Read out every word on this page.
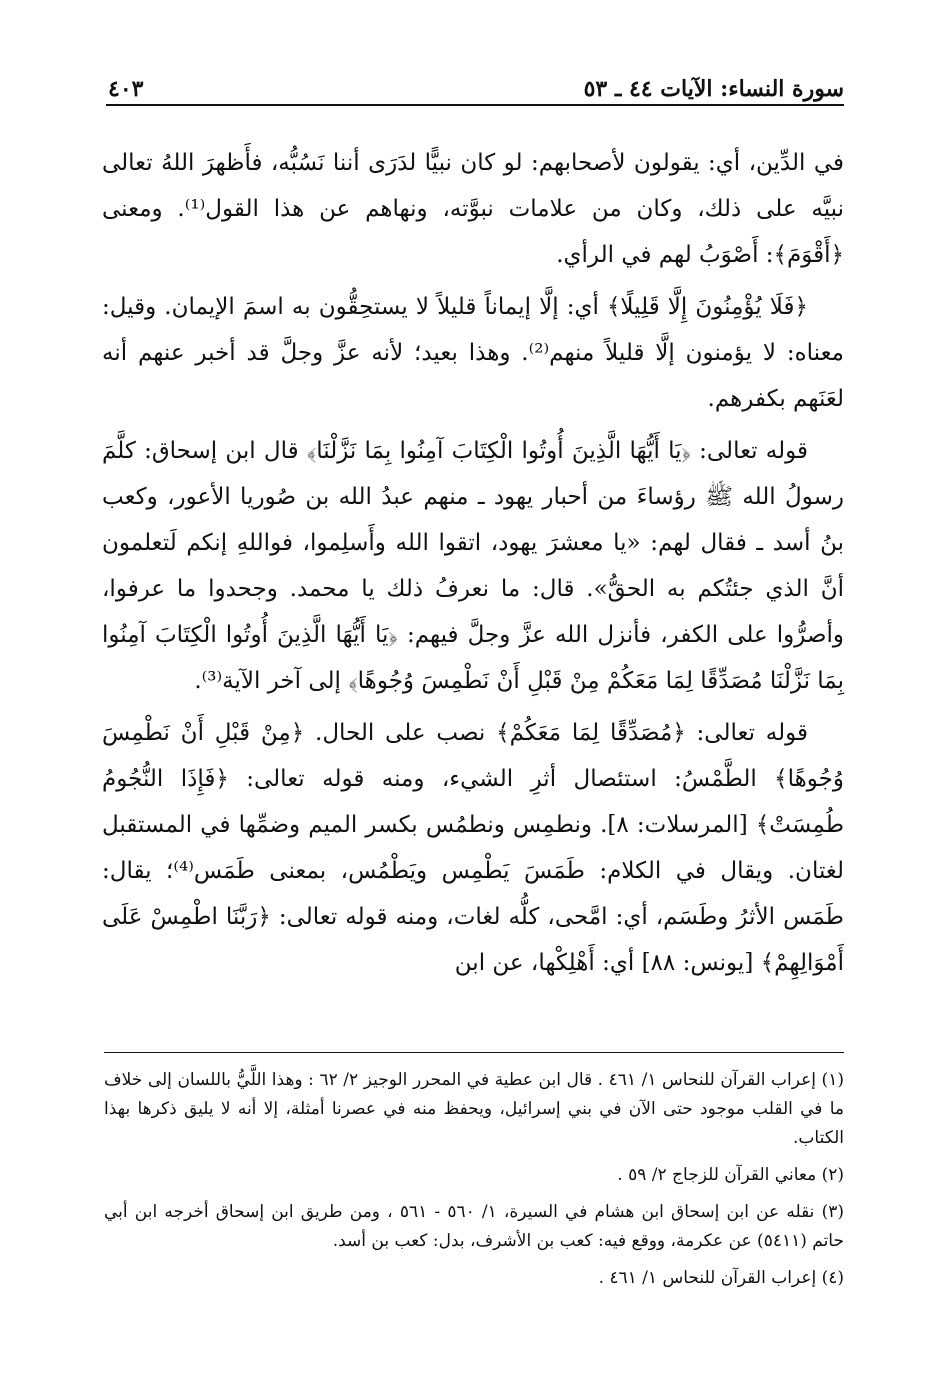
سورة النساء: الآيات ٤٤ ـ ٥٣
٤٠٣

في الدِّين، أي: يقولون لأصحابهم: لو كان نبيًّا لدَرَى أننا نَسُبُّه، فأَظهرَ اللهُ تعالى نبيَّه على ذلك، وكان من علامات نبوَّته، ونهاهم عن هذا القول⁽¹⁾. ومعنى ﴿أَقْوَمَ﴾: أَصْوَبُ لهم في الرأي.

﴿فَلَا يُؤْمِنُونَ إِلَّا قَلِيلًا﴾ أي: إلَّا إيماناً قليلاً لا يستحِقُّون به اسمَ الإيمان. وقيل: معناه: لا يؤمنون إلَّا قليلاً منهم⁽²⁾. وهذا بعيد؛ لأنه عزَّ وجلَّ قد أخبر عنهم أنه لعَنَهم بكفرهم.

قوله تعالى: ﴿يَا أَيُّهَا الَّذِينَ أُوتُوا الْكِتَابَ آمِنُوا بِمَا نَزَّلْنَا﴾ قال ابن إسحاق: كلَّمَ رسولُ الله ﷺ رؤساءَ من أحبار يهود ـ منهم عبدُ الله بن صُوريا الأعور، وكعب بنُ أسد ـ فقال لهم: «يا معشرَ يهود، اتقوا الله وأَسلِموا، فواللهِ إنكم لَتعلمون أنَّ الذي جئتُكم به الحقُّ». قال: ما نعرفُ ذلك يا محمد. وجحدوا ما عرفوا، وأصرُّوا على الكفر، فأنزل الله عزَّ وجلَّ فيهم: ﴿يَا أَيُّهَا الَّذِينَ أُوتُوا الْكِتَابَ آمِنُوا بِمَا نَزَّلْنَا مُصَدِّقًا لِمَا مَعَكُمْ مِنْ قَبْلِ أَنْ نَطْمِسَ وُجُوهًا﴾ إلى آخر الآية⁽³⁾.

قوله تعالى: ﴿مُصَدِّقًا لِمَا مَعَكُمْ﴾ نصب على الحال. ﴿مِنْ قَبْلِ أَنْ نَطْمِسَ وُجُوهًا﴾ الطَّمْسُ: استئصال أثرِ الشيء، ومنه قوله تعالى: ﴿فَإِذَا النُّجُومُ طُمِسَتْ﴾ [المرسلات: ٨]. ونطمِس ونطمُس بكسر الميم وضمِّها في المستقبل لغتان. ويقال في الكلام: طَمَسَ يَطْمِس ويَطْمُس، بمعنى طَمَس⁽⁴⁾؛ يقال: طَمَس الأثرُ وطَسَم، أي: امَّحى، كلُّه لغات، ومنه قوله تعالى: ﴿رَبَّنَا اطْمِسْ عَلَى أَمْوَالِهِمْ﴾ [يونس: ٨٨] أي: أَهْلِكْها، عن ابن

(١) إعراب القرآن للنحاس ١/ ٤٦١ . قال ابن عطية في المحرر الوجيز ٢/ ٦٢ : وهذا اللَّيُّ باللسان إلى خلاف ما في القلب موجود حتى الآن في بني إسرائيل، ويحفظ منه في عصرنا أمثلة، إلا أنه لا يليق ذكرها بهذا الكتاب.

(٢) معاني القرآن للزجاج ٢/ ٥٩ .

(٣) نقله عن ابن إسحاق ابن هشام في السيرة، ١/ ٥٦٠ - ٥٦١ ، ومن طريق ابن إسحاق أخرجه ابن أبي حاتم (٥٤١١) عن عكرمة، ووقع فيه: كعب بن الأشرف، بدل: كعب بن أسد.

(٤) إعراب القرآن للنحاس ١/ ٤٦١ .
